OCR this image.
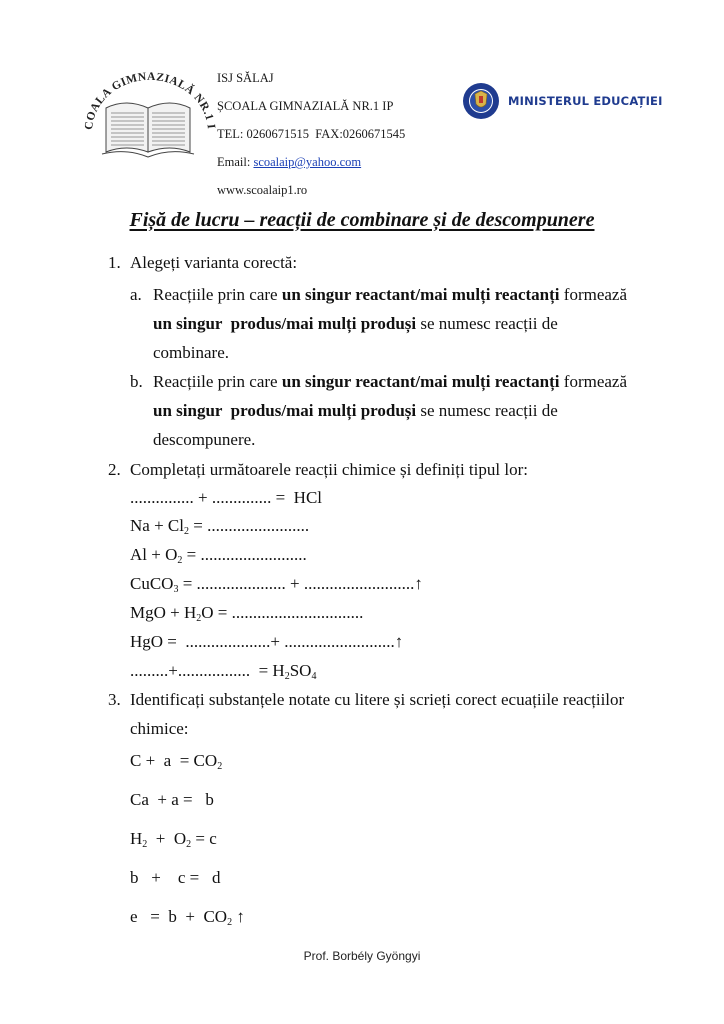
COALA GIMNAZIALĂ NR.1 I
ISJ SĂLAJ
ȘCOALA GIMNAZIALĂ NR.1 IP
TEL: 0260671515  FAX:0260671545
Email: scoalaip@yahoo.com
www.scoalaip1.ro
MINISTERUL EDUCAȚIEI
Fișă de lucru – reacții de combinare și de descompunere
1. Alegeți varianta corectă:
a. Reacțiile prin care un singur reactant/mai mulți reactanți formează
un singur  produs/mai mulți produși se numesc reacții de
combinare.
b. Reacțiile prin care un singur reactant/mai mulți reactanți formează
un singur  produs/mai mulți produși se numesc reacții de
descompunere.
2. Completați următoarele reacții chimice și definiți tipul lor:
............... + .............. =  HCl
$Na + Cl_2$ = ........................
$Al + O_2$ = .........................
CuCO$_3$ = ..................... + ..........................↑
MgO + $H_2O$ = ...............................
HgO =  ....................+ ..........................↑
.........+.................  = $H_2SO_4$
3. Identificați substanțele notate cu litere și scrieți corect ecuațiile reacțiilor
chimice:
$C + a = CO_2$
Ca  + a =   b
$H_2 + O_2 = c$
b   +    c =   d
$e = b + CO_2$ ↑
Prof. Borbély Gyöngyi
